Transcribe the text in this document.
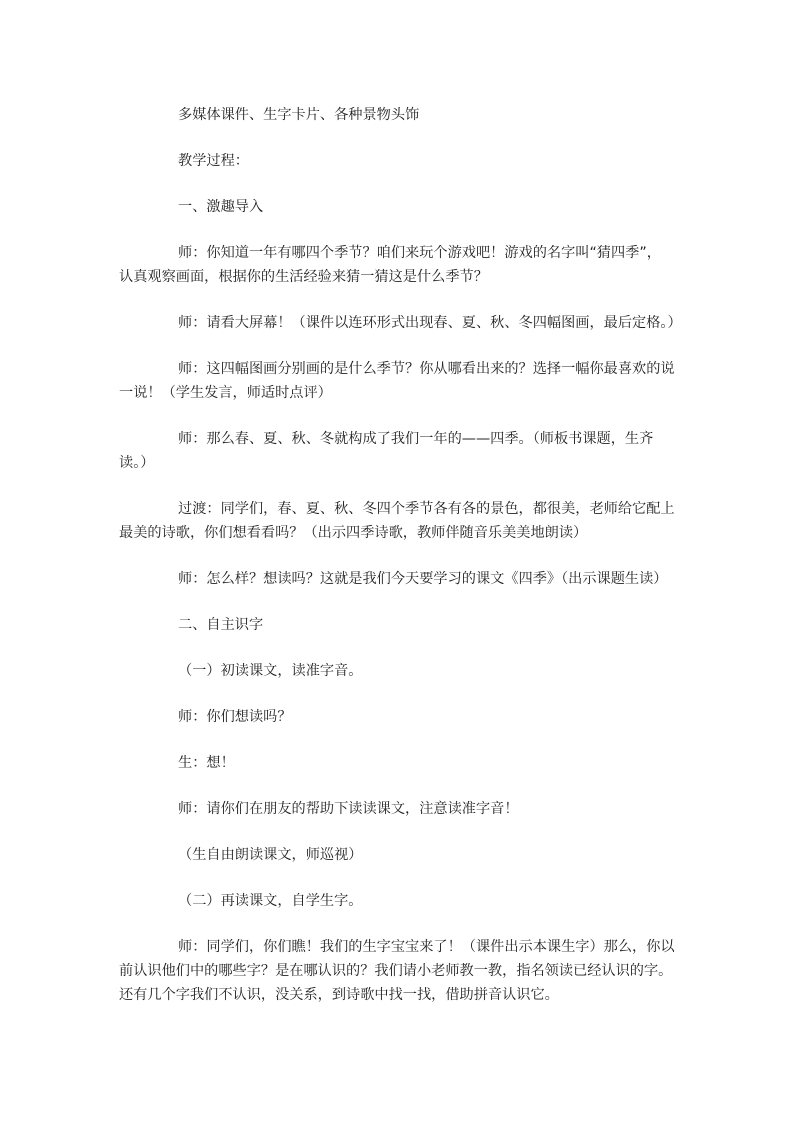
多媒体课件、生字卡片、各种景物头饰
教学过程：
一、激趣导入
师：你知道一年有哪四个季节？咱们来玩个游戏吧！游戏的名字叫“猜四季”，
认真观察画面，根据你的生活经验来猜一猜这是什么季节？
师：请看大屏幕！（课件以连环形式出现春、夏、秋、冬四幅图画，最后定格。）
师：这四幅图画分别画的是什么季节？你从哪看出来的？选择一幅你最喜欢的说
一说！（学生发言，师适时点评）
师：那么春、夏、秋、冬就构成了我们一年的——四季。（师板书课题，生齐
读。）
过渡：同学们，春、夏、秋、冬四个季节各有各的景色，都很美，老师给它配上
最美的诗歌，你们想看看吗？（出示四季诗歌，教师伴随音乐美美地朗读）
师：怎么样？想读吗？这就是我们今天要学习的课文《四季》（出示课题生读）
二、自主识字
（一）初读课文，读准字音。
师：你们想读吗？
生：想！
师：请你们在朋友的帮助下读读课文，注意读准字音！
（生自由朗读课文，师巡视）
（二）再读课文，自学生字。
师：同学们，你们瞧！我们的生字宝宝来了！（课件出示本课生字）那么，你以
前认识他们中的哪些字？是在哪认识的？我们请小老师教一教，指名领读已经认识的字。
还有几个字我们不认识，没关系，到诗歌中找一找，借助拼音认识它。
